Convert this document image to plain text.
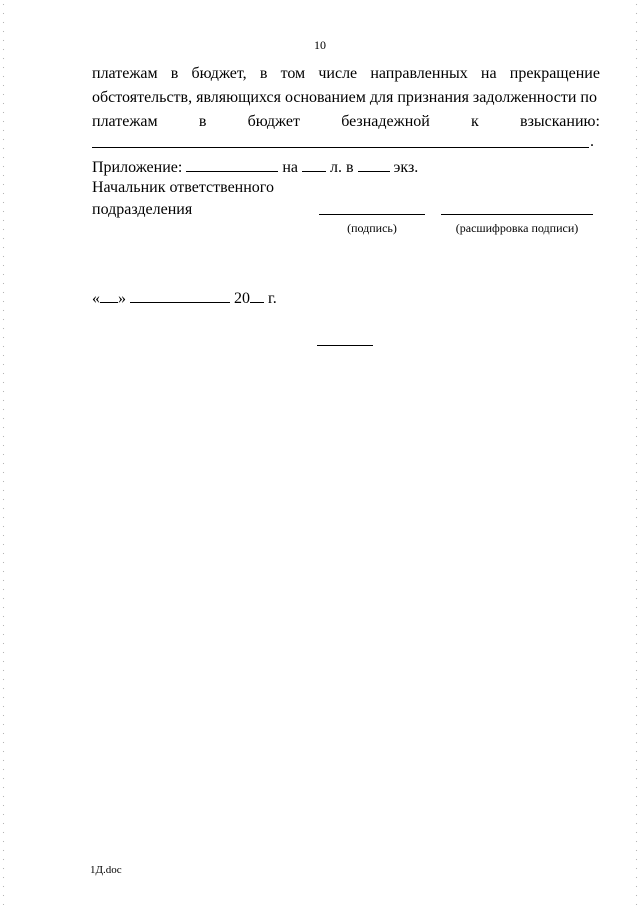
10
платежам в бюджет, в том числе направленных на прекращение
обстоятельств, являющихся основанием для признания задолженности по
платежам	в	бюджет	безнадежной	к	взысканию:
.
Приложение:	на л. в	экз.
Начальник ответственного
подразделения
(подпись)	(расшифровка подписи)
« »	20 г.
1Д.doc
